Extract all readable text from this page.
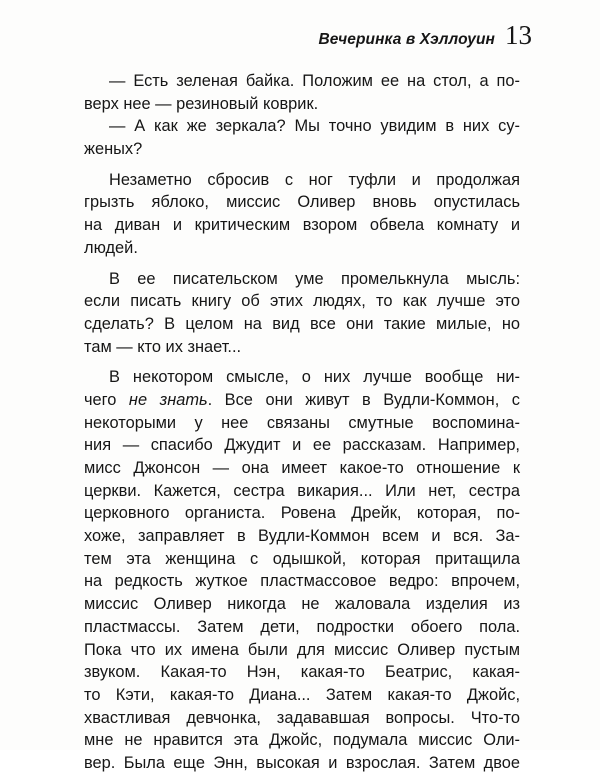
Вечеринка в Хэллоуин 13

— Есть зеленая байка. Положим ее на стол, а по-
верх нее — резиновый коврик.

— А как же зеркала? Мы точно увидим в них су-
женых?

Незаметно сбросив с ног туфли и продолжая
грызть яблоко, миссис Оливер вновь опустилась
на диван и критическим взором обвела комнату и
людей.

В ее писательском уме промелькнула мысль:
если писать книгу об этих людях, то как лучше это
сделать? В целом на вид все они такие милые, но
там — кто их знает...

В некотором смысле, о них лучше вообще ни-
чего не знать. Все они живут в Вудли-Коммон, с
некоторыми у нее связаны смутные воспомина-
ния — спасибо Джудит и ее рассказам. Например,
мисс Джонсон — она имеет какое-то отношение к
церкви. Кажется, сестра викария... Или нет, сестра
церковного органиста. Ровена Дрейк, которая, по-
хоже, заправляет в Вудли-Коммон всем и вся. За-
тем эта женщина с одышкой, которая притащила
на редкость жуткое пластмассовое ведро: впрочем,
миссис Оливер никогда не жаловала изделия из
пластмассы. Затем дети, подростки обоего пола.
Пока что их имена были для миссис Оливер пустым
звуком. Какая-то Нэн, какая-то Беатрис, какая-
то Кэти, какая-то Диана... Затем какая-то Джойс,
хвастливая девчонка, задававшая вопросы. Что-то
мне не нравится эта Джойс, подумала миссис Оли-
вер. Была еще Энн, высокая и взрослая. Затем двое
